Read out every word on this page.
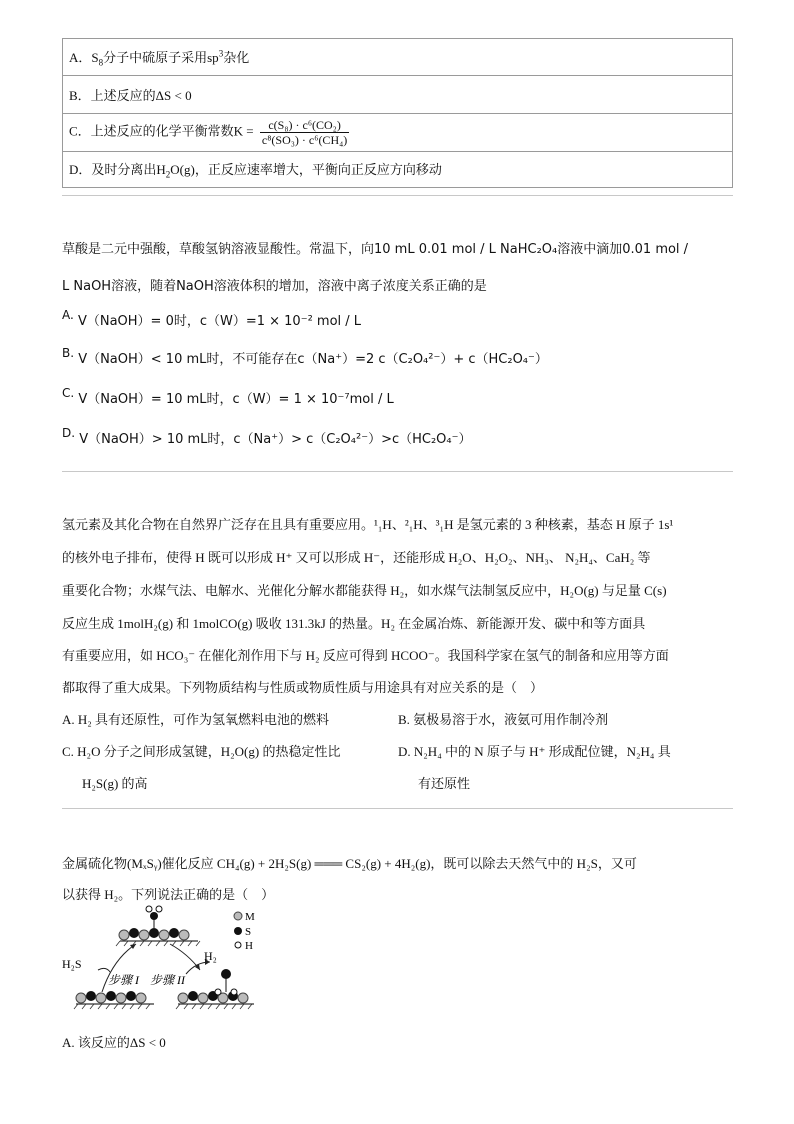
A．$S_8$分子中硫原子采用$sp^3$杂化
B．上述反应的ΔS < 0
C．上述反应的化学平衡常数$K = \frac{\text{c(S₈) · c⁶(CO₂)}}{\text{c⁸(SO₃) · c⁶(CH₄)}}$

D．及时分离出$H_2O(g)$，正反应速率增大，平衡向正反应方向移动
草酸是二元中强酸，草酸氢钠溶液显酸性。常温下，向10 mL 0.01 mol / L NaHC₂O₄溶液中滴加0.01 mol /
L NaOH溶液，随着NaOH溶液体积的增加，溶液中离子浓度关系正确的是
A. V（NaOH）= 0时，c（W）=1 × 10⁻² mol / L
B. V（NaOH）< 10 mL时，不可能存在c（Na⁺）=2 c（C₂O₄²⁻）+ c（HC₂O₄⁻）
C. V（NaOH）= 10 mL时，c（W）= 1 × 10⁻⁷mol / L
D. V（NaOH）> 10 mL时，c（Na⁺）> c（C₂O₄²⁻）>c（HC₂O₄⁻）
氢元素及其化合物在自然界广泛存在且具有重要应用。¹₁H、²₁H、³₁H 是氢元素的 3 种核素，基态 H 原子 1s¹
的核外电子排布，使得 H 既可以形成 H⁺ 又可以形成 H⁻，还能形成 H₂O、H₂O₂、NH₃、 N₂H₄、CaH₂ 等
重要化合物；水煤气法、电解水、光催化分解水都能获得 H₂，如水煤气法制氢反应中，H₂O(g) 与足量 C(s)
反应生成 1molH₂(g) 和 1molCO(g) 吸收 131.3kJ 的热量。H₂ 在金属冶炼、新能源开发、碳中和等方面具
有重要应用，如 HCO₃⁻ 在催化剂作用下与 H₂ 反应可得到 HCOO⁻。我国科学家在氢气的制备和应用等方面
都取得了重大成果。下列物质结构与性质或物质性质与用途具有对应关系的是（　）
A. H₂ 具有还原性，可作为氢氧燃料电池的燃料	B. 氨极易溶于水，液氨可用作制冷剂
C. H₂O 分子之间形成氢键，H₂O(g) 的热稳定性比
H₂S(g) 的高
D. N₂H₄ 中的 N 原子与 H⁺ 形成配位键，N₂H₄ 具
有还原性
金属硫化物(MₓSᵧ)催化反应 CH₄(g) + 2H₂S(g) ═══ CS₂(g) + 4H₂(g)，既可以除去天然气中的 H₂S，又可
以获得 H₂。下列说法正确的是（　）
M
S
H
H₂S
H₂
步骤 I 步骤 II
A. 该反应的ΔS < 0
